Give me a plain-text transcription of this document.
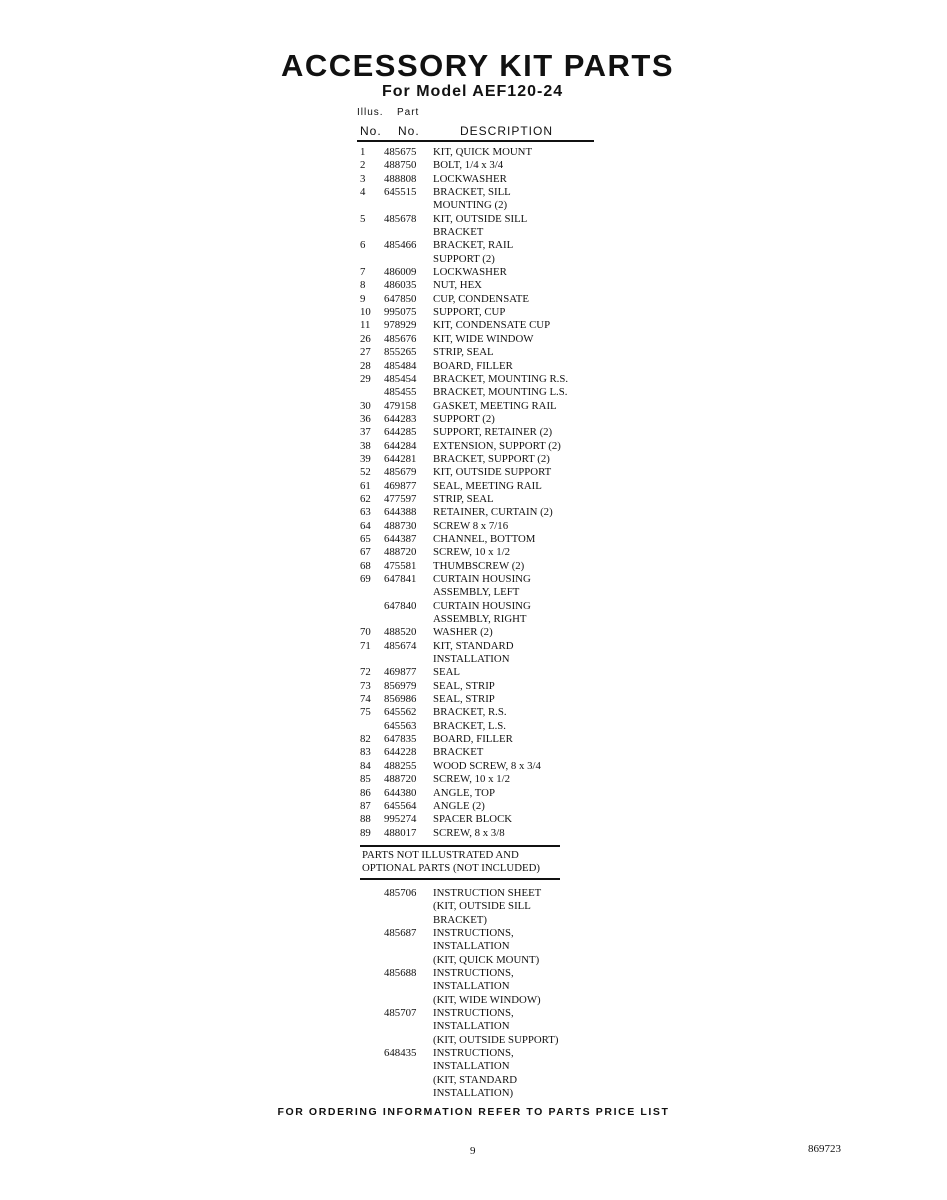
ACCESSORY KIT PARTS
For Model AEF120-24
Illus. Part
No. No.	DESCRIPTION
1	485675	KIT, QUICK MOUNT
2	488750	BOLT, 1/4 x 3/4
3	488808	LOCKWASHER
4	645515	BRACKET, SILL
MOUNTING (2)
5	485678	KIT, OUTSIDE SILL
BRACKET
6	485466	BRACKET, RAIL
SUPPORT (2)
7	486009	LOCKWASHER
8	486035	NUT, HEX
9	647850	CUP, CONDENSATE
10	995075	SUPPORT, CUP
11	978929	KIT, CONDENSATE CUP
26	485676	KIT, WIDE WINDOW
27	855265	STRIP, SEAL
28	485484	BOARD, FILLER
29	485454	BRACKET, MOUNTING R.S.
485455	BRACKET, MOUNTING L.S.
30	479158	GASKET, MEETING RAIL
36	644283	SUPPORT (2)
37	644285	SUPPORT, RETAINER (2)
38	644284	EXTENSION, SUPPORT (2)
39	644281	BRACKET, SUPPORT (2)
52	485679	KIT, OUTSIDE SUPPORT
61	469877	SEAL, MEETING RAIL
62	477597	STRIP, SEAL
63	644388	RETAINER, CURTAIN (2)
64	488730	SCREW 8 x 7/16
65	644387	CHANNEL, BOTTOM
67	488720	SCREW, 10 x 1/2
68	475581	THUMBSCREW (2)
69	647841	CURTAIN HOUSING
ASSEMBLY, LEFT
647840	CURTAIN HOUSING
ASSEMBLY, RIGHT
70	488520	WASHER (2)
71	485674	KIT, STANDARD
INSTALLATION
72	469877	SEAL
73	856979	SEAL, STRIP
74	856986	SEAL, STRIP
75	645562	BRACKET, R.S.
645563	BRACKET, L.S.
82	647835	BOARD, FILLER
83	644228	BRACKET
84	488255	WOOD SCREW, 8 x 3/4
85	488720	SCREW, 10 x 1/2
86	644380	ANGLE, TOP
87	645564	ANGLE (2)
88	995274	SPACER BLOCK
89	488017	SCREW, 8 x 3/8
PARTS NOT ILLUSTRATED AND
OPTIONAL PARTS (NOT INCLUDED)
485706	INSTRUCTION SHEET
(KIT, OUTSIDE SILL
BRACKET)
485687	INSTRUCTIONS,
INSTALLATION
(KIT, QUICK MOUNT)
485688	INSTRUCTIONS,
INSTALLATION
(KIT, WIDE WINDOW)
485707	INSTRUCTIONS,
INSTALLATION
(KIT, OUTSIDE SUPPORT)
648435	INSTRUCTIONS,
INSTALLATION
(KIT, STANDARD
INSTALLATION)
FOR ORDERING INFORMATION REFER TO PARTS PRICE LIST
9	869723
